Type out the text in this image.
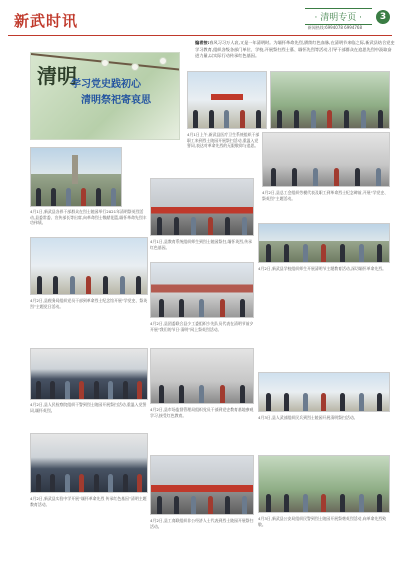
新武时讯	· 清明专页 ·	3
新闻热线:6994078 6994768
编者按:春风习习万人哀,又是一年清明时。为缅怀革命先烈,赓续红色血脉,在清明节来临之际,新武县结合党史学习教育,组织各级各部门单位、学校,开展祭扫烈士墓、缅怀先烈等活动,引导干部群众在追思先烈中汲取奋进力量,以实际行动传承红色基因。
清明
学习党史践初心
清明祭祀寄哀思
4月1日,新武县各界干部群众在烈士陵园举行2021年清明祭英烈活动,县委常委、宣传部长等出席,向革命烈士敬献花篮,缅怀革命先烈丰功伟绩。
4月1日上午,新武县医疗卫生系统组织干部职工来到烈士陵园开展祭扫活动,重温入党誓词,表达对革命先烈的无限敬仰与追思。
4月2日,县总工会组织劳模代表及职工到革命烈士纪念碑前,开展“学党史、祭英烈”主题活动。
4月1日,县教育系统组织师生到烈士陵园祭扫,缅怀英烈,传承红色基因。
4月2日,县税务局组织党员干部到革命烈士纪念馆开展“学党史、祭英烈”主题党日活动。
4月2日,县团委联合县少工委组织少先队员代表在清明节前夕开展“我们的节日·清明”网上祭英烈活动。
4月2日,新武县学校组织师生开展清明节主题教育活动,深切缅怀革命先烈。
4月2日,县人民检察院组织干警到烈士陵园开展祭扫活动,重温入党誓词,缅怀英烈。	4月2日,县市场监督管理局组织党员干部到党史教育基地参观学习,接受红色教育。	4月3日,县人武部组织民兵到烈士陵园开展清明祭扫活动。
4月2日,新武县实验中学开展“缅怀革命先烈 传承红色基因”清明主题教育活动。
4月2日,县工商联组织非公经济人士代表到烈士陵园开展祭扫活动。
4月3日,新武县公安局组织民警到烈士陵园开展祭奠英烈活动,向革命先烈致敬。
